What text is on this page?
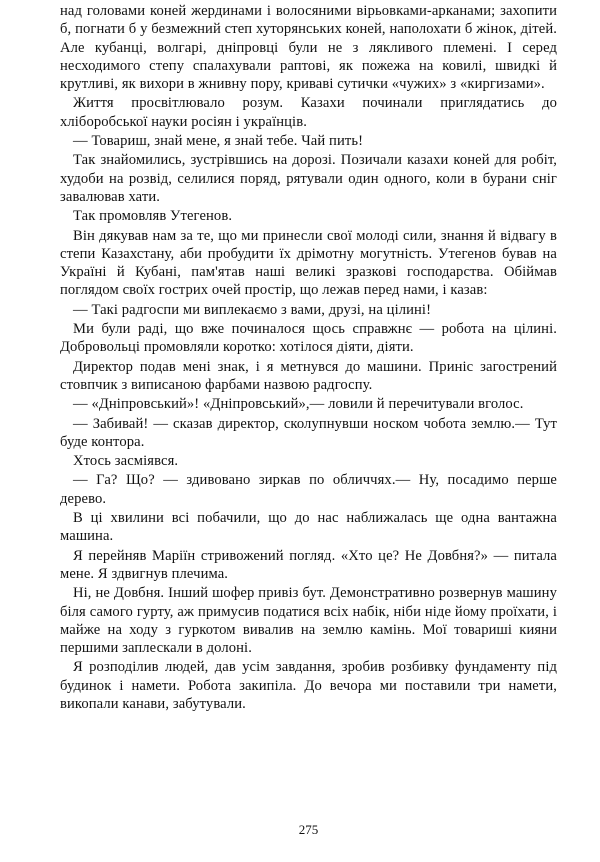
над головами коней жердинами і волосяними вірьовками-арканами; захопити б, погнати б у безмежний степ хуторянських коней, наполохати б жінок, дітей. Але кубанці, волгарі, дніпровці були не з лякливого племені. І серед несходимого степу спалахували раптові, як пожежа на ковилі, швидкі й крутливі, як вихори в жнивну пору, криваві сутички «чужих» з «киргизами».

Життя просвітлювало розум. Казахи починали приглядатись до хліборобської науки росіян і українців.

— Товариш, знай мене, я знай тебе. Чай пить!

Так знайомились, зустрівшись на дорозі. Позичали казахи коней для робіт, худоби на розвід, селилися поряд, рятували один одного, коли в бурани сніг завалював хати.

Так промовляв Утегенов.

Він дякував нам за те, що ми принесли свої молоді сили, знання й відвагу в степи Казахстану, аби пробудити їх дрімотну могутність. Утегенов бував на Україні й Кубані, пам'ятав наші великі зразкові господарства. Обіймав поглядом своїх гостриx очей простір, що лежав перед нами, і казав:

— Такі радгоспи ми виплекаємо з вами, друзі, на цілині!

Ми були раді, що вже починалося щось справжнє — робота на цілині. Добровольці промовляли коротко: хотілося діяти, діяти.

Директор подав мені знак, і я метнувся до машини. Приніс загострений стовпчик з виписаною фарбами назвою радгоспу.

— «Дніпровський»! «Дніпровський»,— ловили й перечитували вголос.

— Забивай! — сказав директор, сколупнувши носком чобота землю.— Тут буде контора.

Хтось засміявся.

— Га? Що? — здивовано зиркав по обличчях.— Ну, посадимо перше дерево.

В ці хвилини всі побачили, що до нас наближалась ще одна вантажна машина.

Я перейняв Маріїн стривожений погляд. «Хто це? Не Довбня?» — питала мене. Я здвигнув плечима.

Ні, не Довбня. Інший шофер привіз бут. Демонстративно розвернув машину біля самого гурту, аж примусив податися всіх набік, ніби ніде йому проїхати, і майже на ходу з гуркотом вивалив на землю камінь. Мої товариші кияни першими заплескали в долоні.

Я розподілив людей, дав усім завдання, зробив розбивку фундаменту під будинок і намети. Робота закипіла. До вечора ми поставили три намети, викопали канави, забутували.

275
